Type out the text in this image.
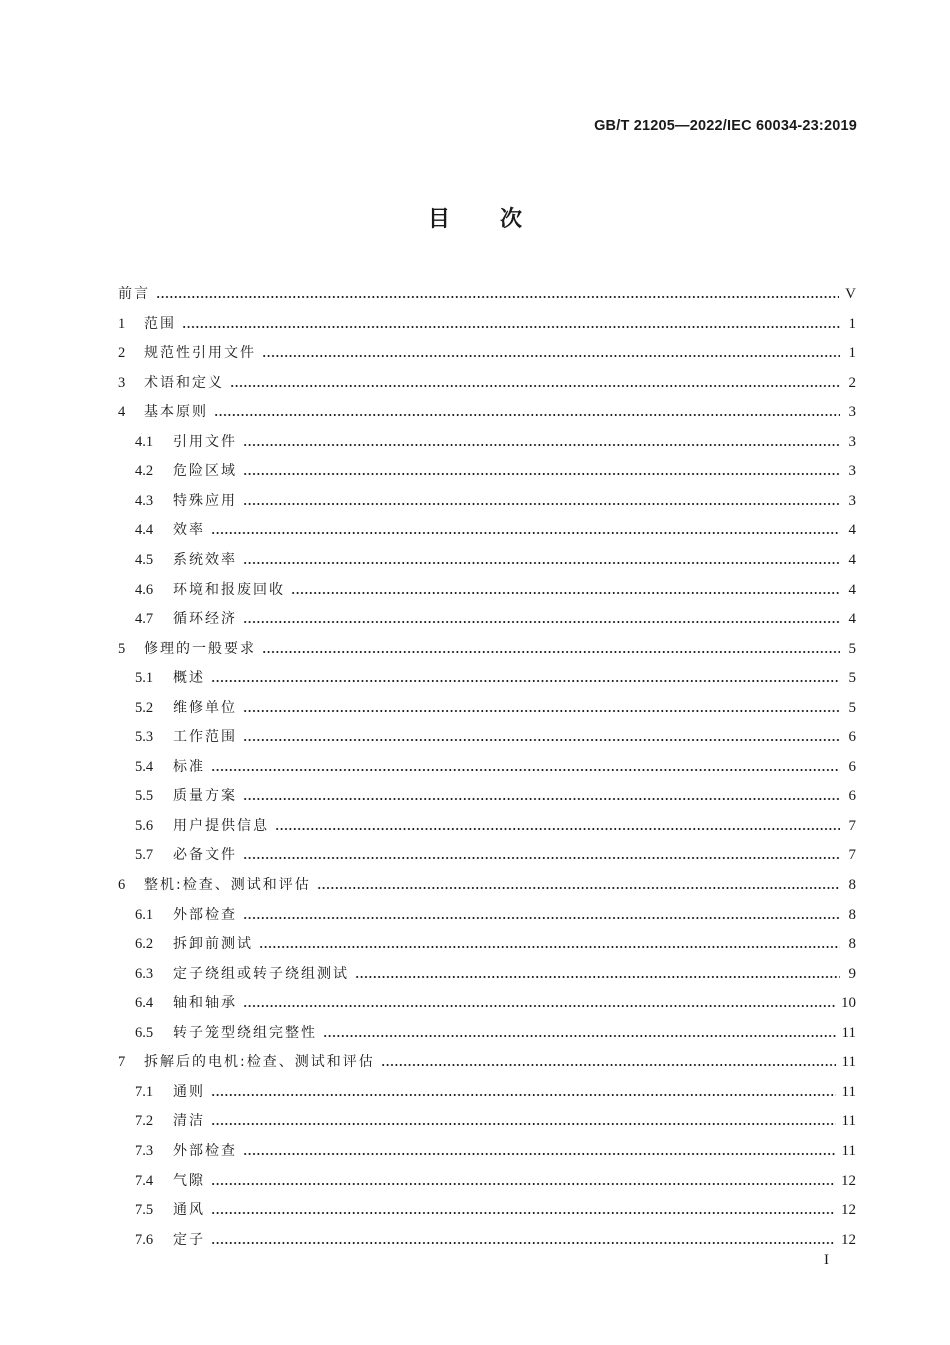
GB/T 21205—2022/IEC 60034-23:2019
目 次
前言	V
1	范围	1
2	规范性引用文件	1
3	术语和定义	2
4	基本原则	3
4.1	引用文件	3
4.2	危险区域	3
4.3	特殊应用	3
4.4	效率	4
4.5	系统效率	4
4.6	环境和报废回收	4
4.7	循环经济	4
5	修理的一般要求	5
5.1	概述	5
5.2	维修单位	5
5.3	工作范围	6
5.4	标准	6
5.5	质量方案	6
5.6	用户提供信息	7
5.7	必备文件	7
6	整机:检查、测试和评估	8
6.1	外部检查	8
6.2	拆卸前测试	8
6.3	定子绕组或转子绕组测试	9
6.4	轴和轴承	10
6.5	转子笼型绕组完整性	11
7	拆解后的电机:检查、测试和评估	11
7.1	通则	11
7.2	清洁	11
7.3	外部检查	11
7.4	气隙	12
7.5	通风	12
7.6	定子	12
I
